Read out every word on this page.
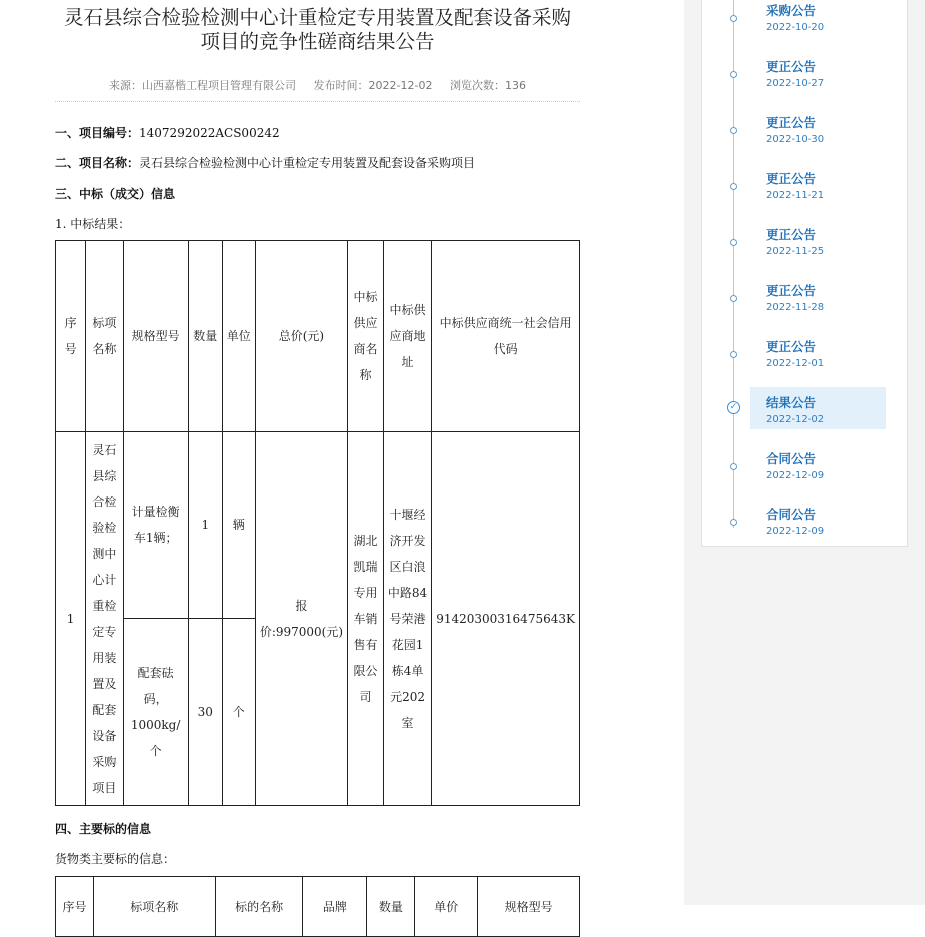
灵石县综合检验检测中心计重检定专用装置及配套设备采购项目的竞争性磋商结果公告
来源：山西嘉楷工程项目管理有限公司 发布时间：2022-12-02 浏览次数：136
一、项目编号：1407292022ACS00242
二、项目名称：灵石县综合检验检测中心计重检定专用装置及配套设备采购项目
三、中标（成交）信息
1. 中标结果：
序号	标项名称	规格型号	数量	单位	总价(元)	中标供应商名称	中标供应商地址	中标供应商统一社会信用代码
1	灵石县综合检验检测中心计重检定专用装置及配套设备采购项目	计量检衡车1辆；	1	辆	报价:997000(元)	湖北凯瑞专用车销售有限公司	十堰经济开发区白浪中路84号荣港花园1栋4单元202室	91420300316475643K
		配套砝码，1000kg/个	30	个				
四、主要标的信息
货物类主要标的信息：
序号	标项名称	标的名称	品牌	数量	单价	规格型号
采购公告
2022-10-20
更正公告
2022-10-27
更正公告
2022-10-30
更正公告
2022-11-21
更正公告
2022-11-25
更正公告
2022-11-28
更正公告
2022-12-01
✓ 结果公告
2022-12-02
合同公告
2022-12-09
合同公告
2022-12-09
